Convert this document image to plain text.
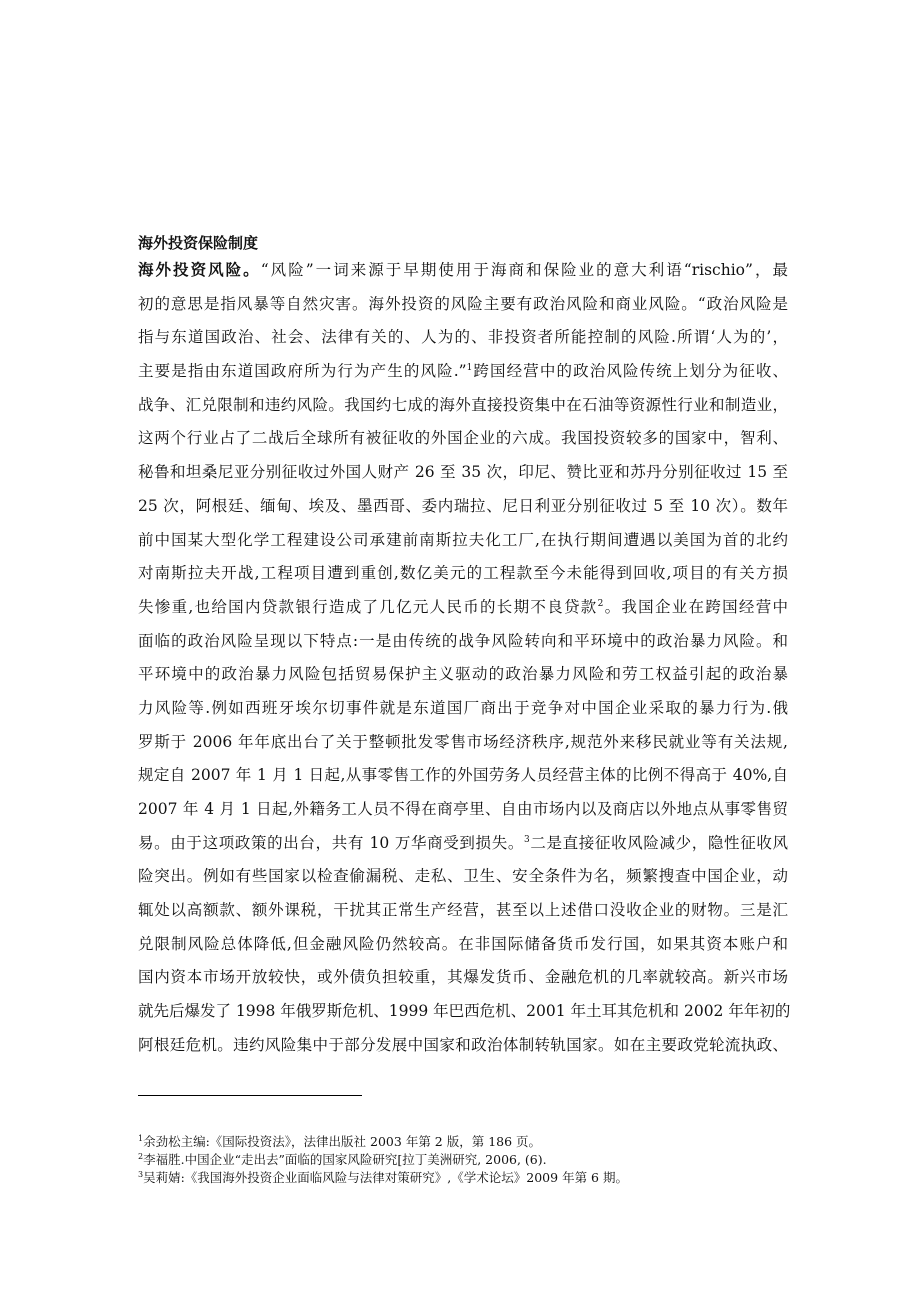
海外投资保险制度
海外投资风险。“风险”一词来源于早期使用于海商和保险业的意大利语“rischio”，最
初的意思是指风暴等自然灾害。海外投资的风险主要有政治风险和商业风险。“政治风险是
指与东道国政治、社会、法律有关的、人为的、非投资者所能控制的风险.所谓‘人为的’，
主要是指由东道国政府所为行为产生的风险.”$^1$跨国经营中的政治风险传统上划分为征收、
战争、汇兑限制和违约风险。我国约七成的海外直接投资集中在石油等资源性行业和制造业，
这两个行业占了二战后全球所有被征收的外国企业的六成。我国投资较多的国家中，智利、
秘鲁和坦桑尼亚分别征收过外国人财产 26 至 35 次，印尼、赞比亚和苏丹分别征收过 15 至
25 次，阿根廷、缅甸、埃及、墨西哥、委内瑞拉、尼日利亚分别征收过 5 至 10 次）。数年
前中国某大型化学工程建设公司承建前南斯拉夫化工厂,在执行期间遭遇以美国为首的北约
对南斯拉夫开战,工程项目遭到重创,数亿美元的工程款至今未能得到回收,项目的有关方损
失惨重,也给国内贷款银行造成了几亿元人民币的长期不良贷款$^2$。我国企业在跨国经营中
面临的政治风险呈现以下特点:一是由传统的战争风险转向和平环境中的政治暴力风险。和
平环境中的政治暴力风险包括贸易保护主义驱动的政治暴力风险和劳工权益引起的政治暴
力风险等.例如西班牙埃尔切事件就是东道国厂商出于竞争对中国企业采取的暴力行为.俄
罗斯于 2006 年年底出台了关于整顿批发零售市场经济秩序,规范外来移民就业等有关法规,
规定自 2007 年 1 月 1 日起,从事零售工作的外国劳务人员经营主体的比例不得高于 40%,自
2007 年 4 月 1 日起,外籍务工人员不得在商亭里、自由市场内以及商店以外地点从事零售贸
易。由于这项政策的出台，共有 10 万华商受到损失。$^3$二是直接征收风险减少，隐性征收风
险突出。例如有些国家以检查偷漏税、走私、卫生、安全条件为名，频繁搜查中国企业，动
辄处以高额款、额外课税，干扰其正常生产经营，甚至以上述借口没收企业的财物。三是汇
兑限制风险总体降低,但金融风险仍然较高。在非国际储备货币发行国，如果其资本账户和
国内资本市场开放较快，或外债负担较重，其爆发货币、金融危机的几率就较高。新兴市场
就先后爆发了 1998 年俄罗斯危机、1999 年巴西危机、2001 年土耳其危机和 2002 年年初的
阿根廷危机。违约风险集中于部分发展中国家和政治体制转轨国家。如在主要政党轮流执政、
$^1$余劲松主编:《国际投资法》，法律出版社 2003 年第 2 版，第 186 页。
$^2$李福胜.中国企业“走出去”面临的国家风险研究[拉丁美洲研究, 2006, (6).
$^3$吴莉婧:《我国海外投资企业面临风险与法律对策研究》,《学术论坛》2009 年第 6 期。
